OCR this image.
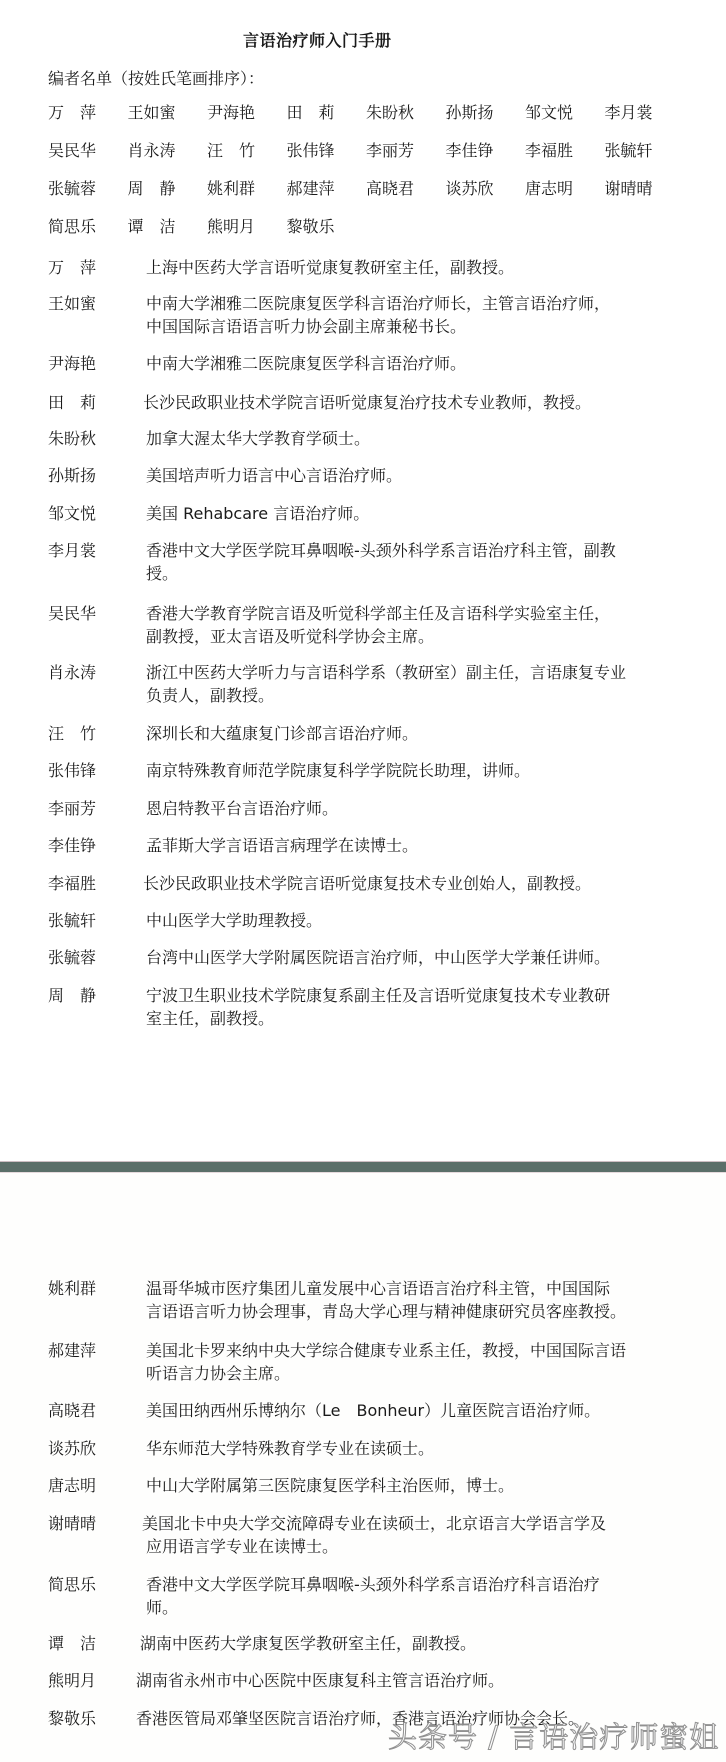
言语治疗师入门手册
编者名单（按姓氏笔画排序）：
万　萍	王如蜜	尹海艳	田　莉	朱盼秋	孙斯扬	邹文悦	李月裳
吴民华	肖永涛	汪　竹	张伟锋	李丽芳	李佳铮	李福胜	张毓轩
张毓蓉	周　静	姚利群	郝建萍	高晓君	谈苏欣	唐志明	谢晴晴
简思乐	谭　洁	熊明月	黎敬乐
万　萍	上海中医药大学言语听觉康复教研室主任，副教授。
王如蜜	中南大学湘雅二医院康复医学科言语治疗师长，主管言语治疗师，
中国国际言语语言听力协会副主席兼秘书长。
尹海艳	中南大学湘雅二医院康复医学科言语治疗师。
田　莉	长沙民政职业技术学院言语听觉康复治疗技术专业教师，教授。
朱盼秋	加拿大渥太华大学教育学硕士。
孙斯扬	美国培声听力语言中心言语治疗师。
邹文悦	美国 Rehabcare 言语治疗师。
李月裳	香港中文大学医学院耳鼻咽喉-头颈外科学系言语治疗科主管，副教
授。
吴民华	香港大学教育学院言语及听觉科学部主任及言语科学实验室主任，
副教授，亚太言语及听觉科学协会主席。
肖永涛	浙江中医药大学听力与言语科学系（教研室）副主任，言语康复专业
负责人，副教授。
汪　竹	深圳长和大蕴康复门诊部言语治疗师。
张伟锋	南京特殊教育师范学院康复科学学院院长助理，讲师。
李丽芳	恩启特教平台言语治疗师。
李佳铮	孟菲斯大学言语语言病理学在读博士。
李福胜	长沙民政职业技术学院言语听觉康复技术专业创始人，副教授。
张毓轩	中山医学大学助理教授。
张毓蓉	台湾中山医学大学附属医院语言治疗师，中山医学大学兼任讲师。
周　静	宁波卫生职业技术学院康复系副主任及言语听觉康复技术专业教研
室主任，副教授。
姚利群	温哥华城市医疗集团儿童发展中心言语语言治疗科主管，中国国际
言语语言听力协会理事，青岛大学心理与精神健康研究员客座教授。
郝建萍	美国北卡罗来纳中央大学综合健康专业系主任，教授，中国国际言语
听语言力协会主席。
高晓君	美国田纳西州乐博纳尔（Le　Bonheur）儿童医院言语治疗师。
谈苏欣	华东师范大学特殊教育学专业在读硕士。
唐志明	中山大学附属第三医院康复医学科主治医师，博士。
谢晴晴	美国北卡中央大学交流障碍专业在读硕士，北京语言大学语言学及
应用语言学专业在读博士。
简思乐	香港中文大学医学院耳鼻咽喉-头颈外科学系言语治疗科言语治疗
师。
谭　洁	湖南中医药大学康复医学教研室主任，副教授。
熊明月 湖南省永州市中心医院中医康复科主管言语治疗师。
黎敬乐 香港医管局邓肇坚医院言语治疗师，香港言语治疗师协会会长。
头条号 / 言语治疗师蜜姐
